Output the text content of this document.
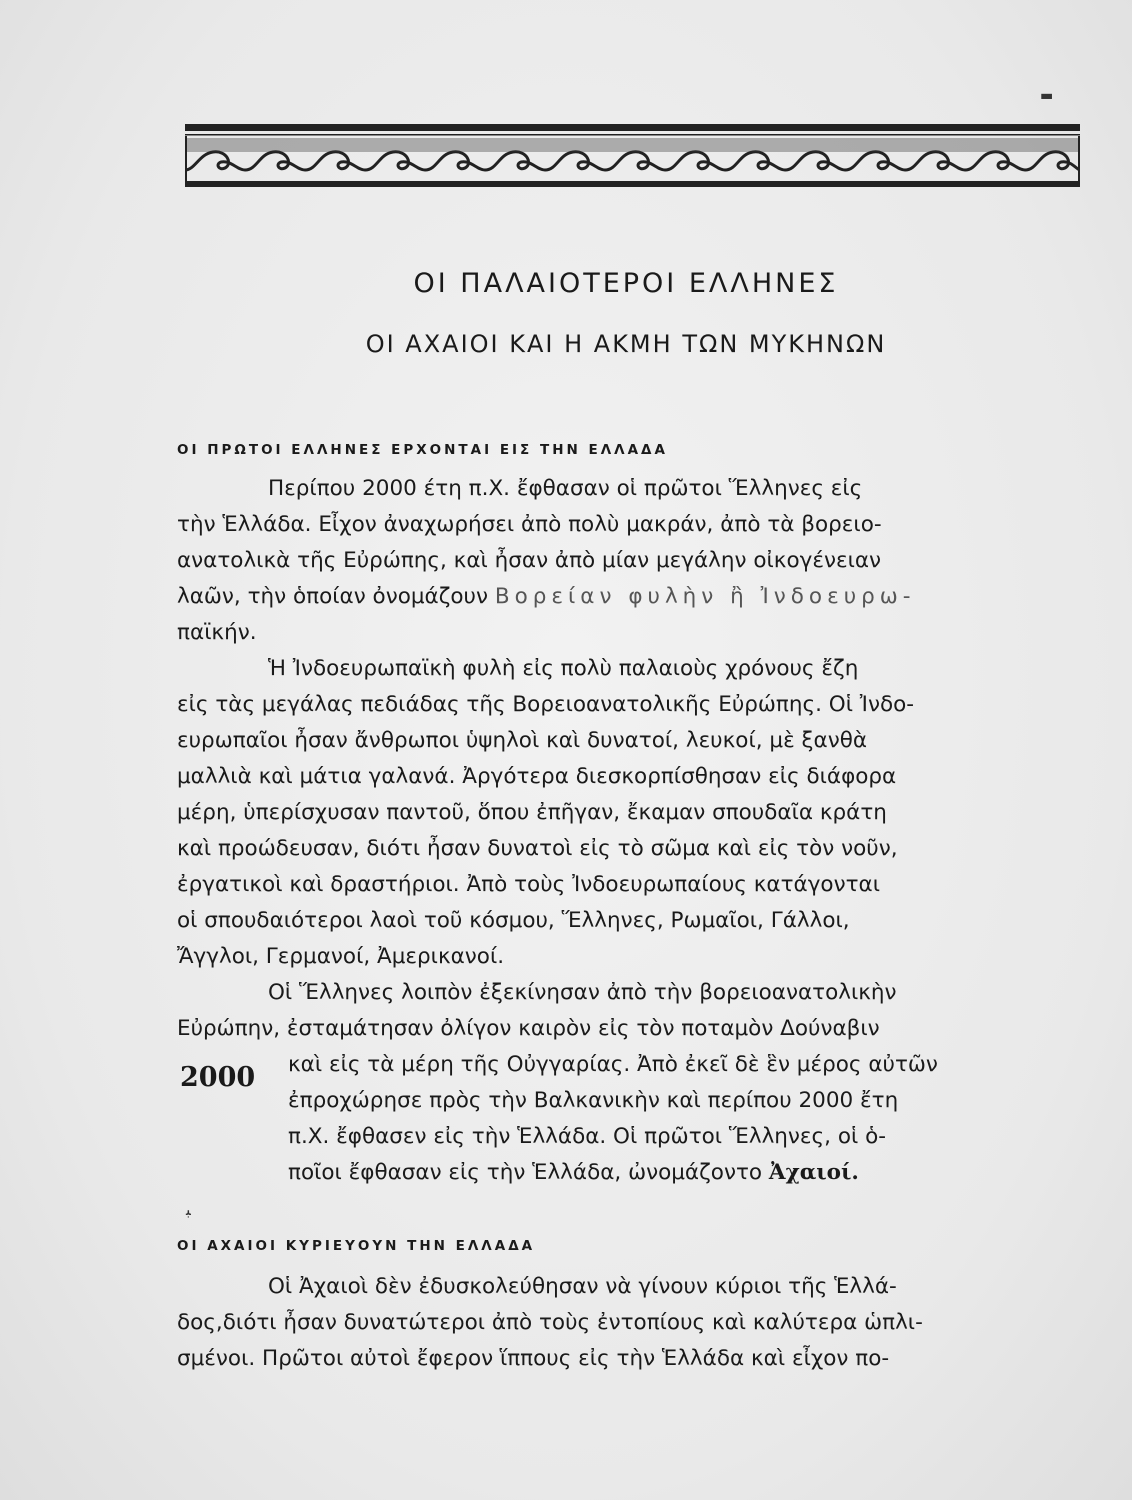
▬
ΟΙ ΠΑΛΑΙΟΤΕΡΟΙ ΕΛΛΗΝΕΣ
ΟΙ ΑΧΑΙΟΙ ΚΑΙ Η ΑΚΜΗ ΤΩΝ ΜΥΚΗΝΩΝ
ΟΙ ΠΡΩΤΟΙ ΕΛΛΗΝΕΣ ΕΡΧΟΝΤΑΙ ΕΙΣ ΤΗΝ ΕΛΛΑΔΑ

Περίπου 2000 έτη π.Χ. ἔφθασαν οἱ πρῶτοι Ἕλληνες εἰς

τὴν Ἑλλάδα. Εἶχον ἀναχωρήσει ἀπὸ πολὺ μακράν, ἀπὸ τὰ βορειο-

ανατολικὰ τῆς Εὐρώπης, καὶ ἦσαν ἀπὸ μίαν μεγάλην οἰκογένειαν

λαῶν, τὴν ὁποίαν ὀνομάζουν Βορείαν φυλὴν ἢ Ἰνδοευρω-

παϊκήν.

Ἡ Ἰνδοευρωπαϊκὴ φυλὴ εἰς πολὺ παλαιοὺς χρόνους ἔζη

εἰς τὰς μεγάλας πεδιάδας τῆς Βορειοανατολικῆς Εὐρώπης. Οἱ Ἰνδο-

ευρωπαῖοι ἦσαν ἄνθρωποι ὑψηλοὶ καὶ δυνατοί, λευκοί, μὲ ξανθὰ

μαλλιὰ καὶ μάτια γαλανά. Ἀργότερα διεσκορπίσθησαν εἰς διάφορα

μέρη, ὑπερίσχυσαν παντοῦ, ὅπου ἐπῆγαν, ἔκαμαν σπουδαῖα κράτη

καὶ προώδευσαν, διότι ἦσαν δυνατοὶ εἰς τὸ σῶμα καὶ εἰς τὸν νοῦν,

ἐργατικοὶ καὶ δραστήριοι. Ἀπὸ τοὺς Ἰνδοευρωπαίους κατάγονται

οἱ σπουδαιότεροι λαοὶ τοῦ κόσμου, Ἕλληνες, Ρωμαῖοι, Γάλλοι,

Ἄγγλοι, Γερμανοί, Ἀμερικανοί.

Οἱ Ἕλληνες λοιπὸν ἐξεκίνησαν ἀπὸ τὴν βορειοανατολικὴν

Εὐρώπην, ἐσταμάτησαν ὀλίγον καιρὸν εἰς τὸν ποταμὸν Δούναβιν

καὶ εἰς τὰ μέρη τῆς Οὐγγαρίας. Ἀπὸ ἐκεῖ δὲ ἓν μέρος αὐτῶν

ἐπροχώρησε πρὸς τὴν Βαλκανικὴν καὶ περίπου 2000 ἔτη

π.Χ. ἔφθασεν εἰς τὴν Ἑλλάδα. Οἱ πρῶτοι Ἕλληνες, οἱ ὁ-

ποῖοι ἔφθασαν εἰς τὴν Ἑλλάδα, ὠνομάζοντο Ἀχαιοί.

2000

ﺒ
ΟΙ ΑΧΑΙΟΙ ΚΥΡΙΕΥΟΥΝ ΤΗΝ ΕΛΛΑΔΑ

Οἱ Ἀχαιοὶ δὲν ἐδυσκολεύθησαν νὰ γίνουν κύριοι τῆς Ἑλλά-

δος,διότι ἦσαν δυνατώτεροι ἀπὸ τοὺς ἐντοπίους καὶ καλύτερα ὡπλι-

σμένοι. Πρῶτοι αὐτοὶ ἔφερον ἵππους εἰς τὴν Ἑλλάδα καὶ εἶχον πο-
